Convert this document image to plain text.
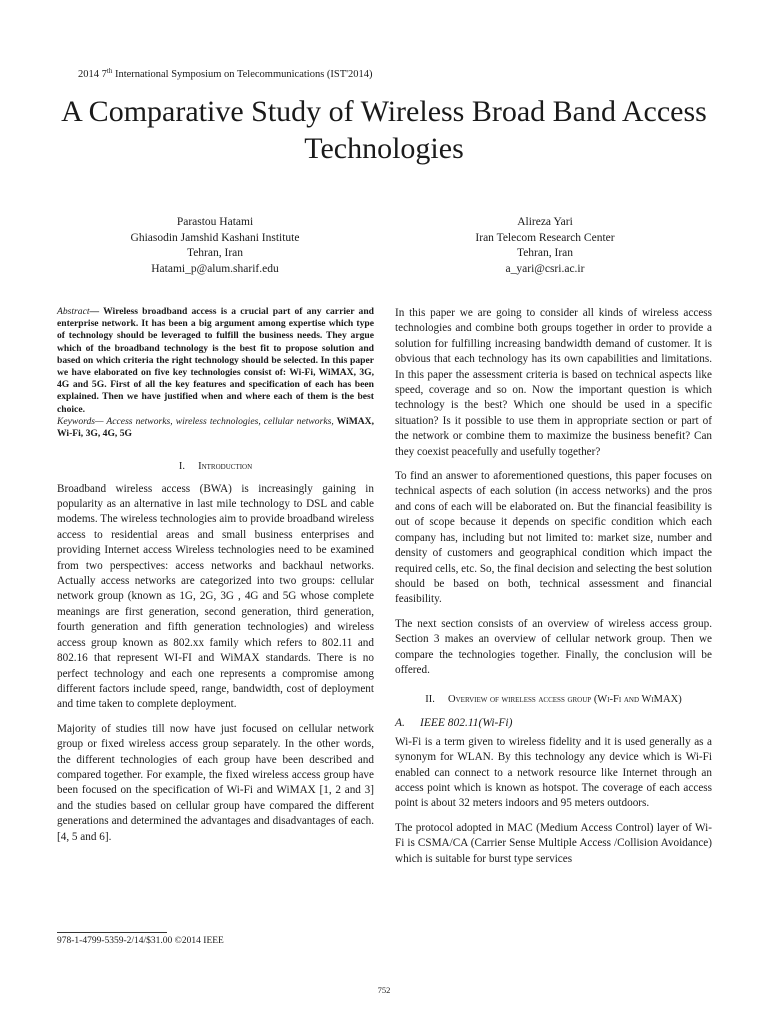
2014 7th International Symposium on Telecommunications (IST'2014)
A Comparative Study of Wireless Broad Band Access Technologies
Parastou Hatami
Ghiasodin Jamshid Kashani Institute
Tehran, Iran
Hatami_p@alum.sharif.edu
Alireza Yari
Iran Telecom Research Center
Tehran, Iran
a_yari@csri.ac.ir

Abstract— Wireless broadband access is a crucial part of any carrier and enterprise network. It has been a big argument among expertise which type of technology should be leveraged to fulfill the business needs. They argue which of the broadband technology is the best fit to propose solution and based on which criteria the right technology should be selected. In this paper we have elaborated on five key technologies consist of: Wi-Fi, WiMAX, 3G, 4G and 5G. First of all the key features and specification of each has been explained. Then we have justified when and where each of them is the best choice.

Keywords— Access networks, wireless technologies, cellular networks, WiMAX, Wi-Fi, 3G, 4G, 5G

I. Introduction

Broadband wireless access (BWA) is increasingly gaining in popularity as an alternative in last mile technology to DSL and cable modems. The wireless technologies aim to provide broadband wireless access to residential areas and small business enterprises and providing Internet access Wireless technologies need to be examined from two perspectives: access networks and backhaul networks. Actually access networks are categorized into two groups: cellular network group (known as 1G, 2G, 3G , 4G and 5G whose complete meanings are first generation, second generation, third generation, fourth generation and fifth generation technologies) and wireless access group known as 802.xx family which refers to 802.11 and 802.16 that represent WI-FI and WiMAX standards. There is no perfect technology and each one represents a compromise among different factors include speed, range, bandwidth, cost of deployment and time taken to complete deployment.

Majority of studies till now have just focused on cellular network group or fixed wireless access group separately. In the other words, the different technologies of each group have been described and compared together. For example, the fixed wireless access group have been focused on the specification of Wi-Fi and WiMAX [1, 2 and 3] and the studies based on cellular group have compared the different generations and determined the advantages and disadvantages of each. [4, 5 and 6].

In this paper we are going to consider all kinds of wireless access technologies and combine both groups together in order to provide a solution for fulfilling increasing bandwidth demand of customer. It is obvious that each technology has its own capabilities and limitations. In this paper the assessment criteria is based on technical aspects like speed, coverage and so on. Now the important question is which technology is the best? Which one should be used in a specific situation? Is it possible to use them in appropriate section or part of the network or combine them to maximize the business benefit? Can they coexist peacefully and usefully together?

To find an answer to aforementioned questions, this paper focuses on technical aspects of each solution (in access networks) and the pros and cons of each will be elaborated on. But the financial feasibility is out of scope because it depends on specific condition which each company has, including but not limited to: market size, number and density of customers and geographical condition which impact the required cells, etc. So, the final decision and selecting the best solution should be based on both, technical assessment and financial feasibility.

The next section consists of an overview of wireless access group. Section 3 makes an overview of cellular network group. Then we compare the technologies together. Finally, the conclusion will be offered.

II. Overview of wireless access group (Wi-Fi and WiMAX)
A. IEEE 802.11(Wi-Fi)

Wi-Fi is a term given to wireless fidelity and it is used generally as a synonym for WLAN. By this technology any device which is Wi-Fi enabled can connect to a network resource like Internet through an access point which is known as hotspot. The coverage of each access point is about 32 meters indoors and 95 meters outdoors.

The protocol adopted in MAC (Medium Access Control) layer of Wi-Fi is CSMA/CA (Carrier Sense Multiple Access /Collision Avoidance) which is suitable for burst type services

978-1-4799-5359-2/14/$31.00 ©2014 IEEE
752
